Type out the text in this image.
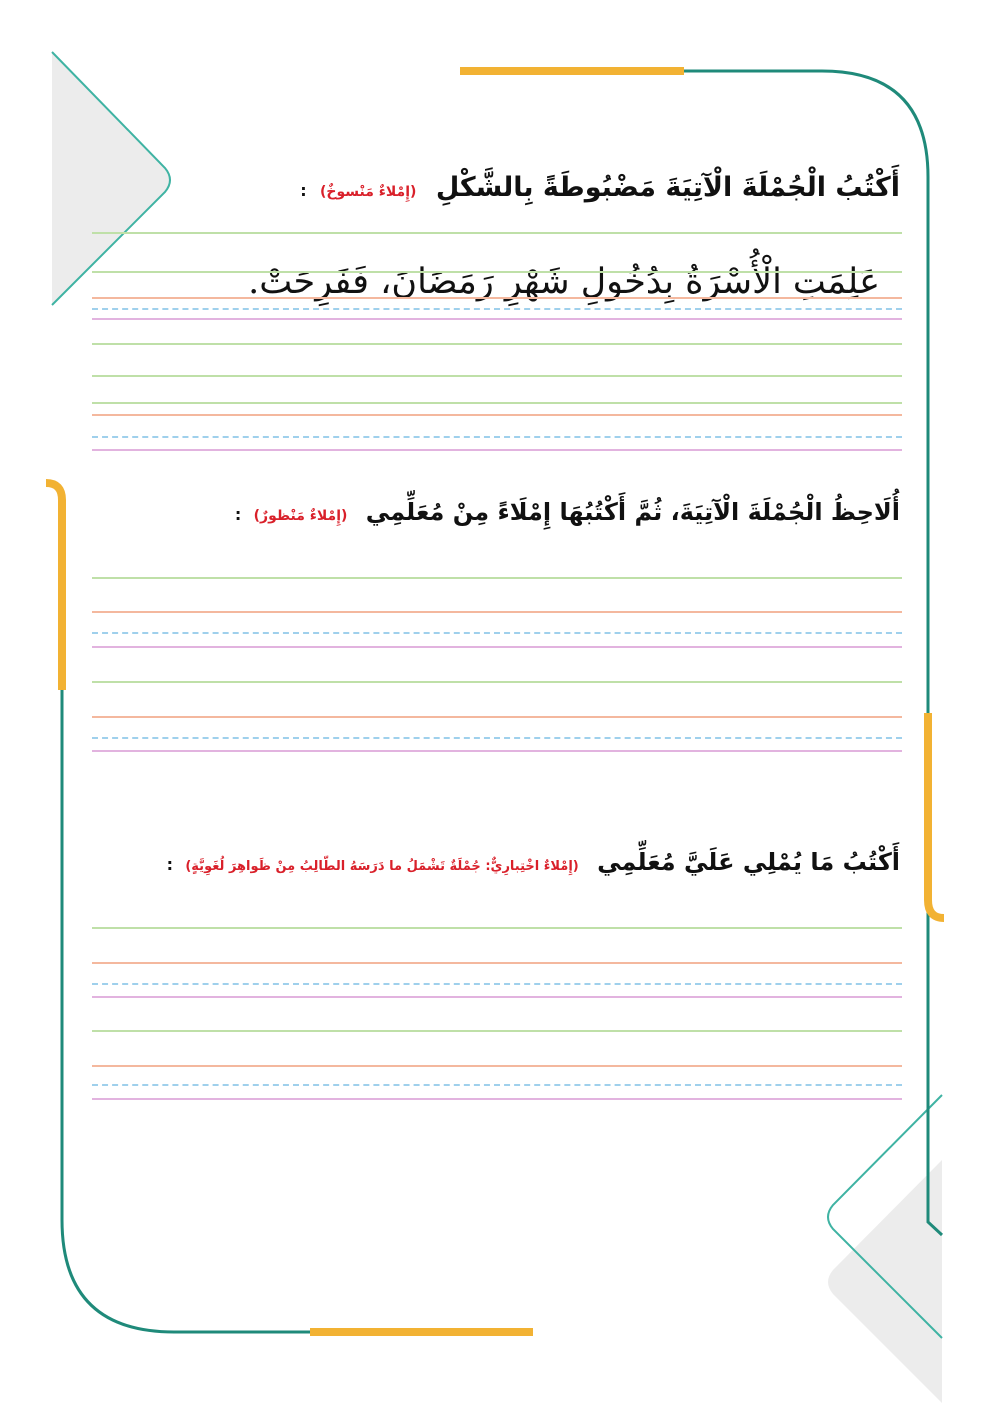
أَكْتُبُ الْجُمْلَةَ الْآتِيَةَ مَضْبُوطَةً بِالشَّكْلِ (إِمْلاءٌ مَنْسوخٌ) :
عَلِمَتِ الْأُسْرَةُ بِدُخُولِ شَهْرِ رَمَضَانَ، فَفَرِحَتْ.
أُلَاحِظُ الْجُمْلَةَ الْآتِيَةَ، ثُمَّ أَكْتُبُهَا إِمْلَاءً مِنْ مُعَلِّمِي (إِمْلاءٌ مَنْظورٌ) :
أَكْتُبُ مَا يُمْلِي عَلَيَّ مُعَلِّمِي (إِمْلاءٌ اخْتِبارِيٌّ: جُمْلَةٌ تَشْمَلُ ما دَرَسَهُ الطّالِبُ مِنْ ظَواهِرَ لُغَوِيَّةٍ) :
